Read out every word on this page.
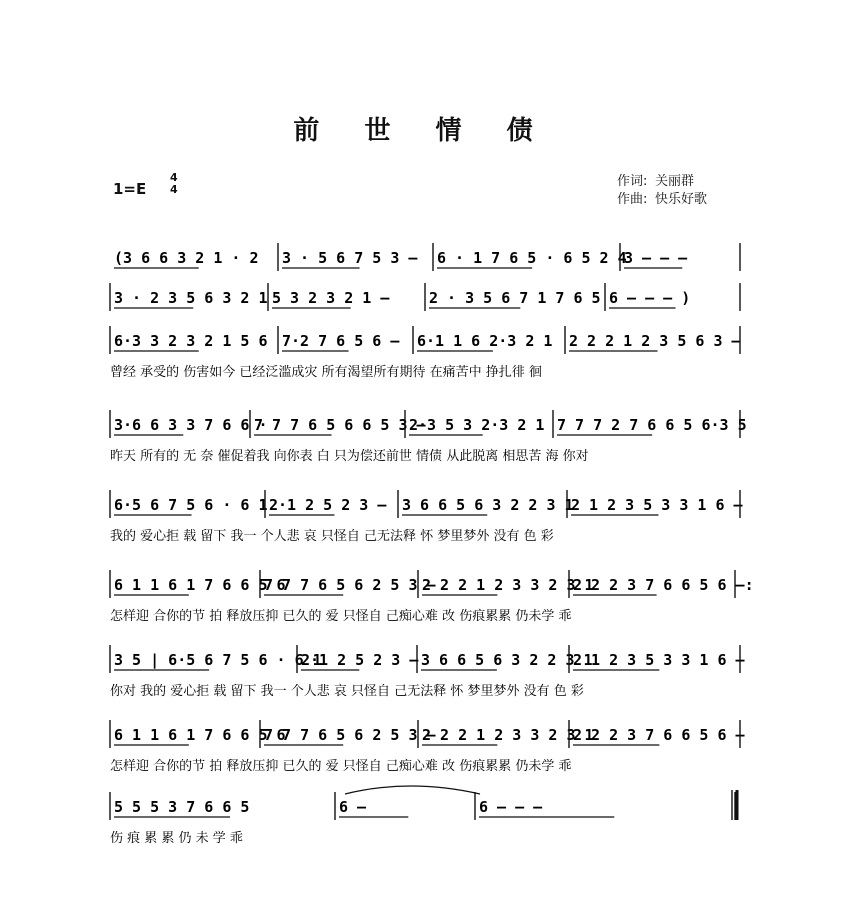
前 世 情 债
1=E
4
4
作词: 关丽群
作曲: 快乐好歌
(3 6 6 3 2 1 · 2 3 · 5 6 7 5 3 – 6 · 1 7 6 5 · 6 5 2 4
3 – – –
3 · 2 3 5 6 3 2 1 5 3 2 3 2 1 –	2 · 3 5 6 7 1 7 6 5 6 – – – )
6·3 3 2 3 2 1 5 6 7·2 7 6 5 6 – 6·1 1 6 2·3 2 1 2 2 2 1 2 3 5 6 3 –
曾经 承受的 伤害如今 已经泛滥成灾 所有渴望所有期待 在痛苦中 挣扎徘 徊
3·6 6 3 3 7 6 6 ·
7 7 7 6 5 6 6 5 3 –
2·3 5 3 2·3 2 1 7 7 7 2 7 6 6 5 6·3 5
昨天 所有的 无 奈 催促着我 向你表 白 只为偿还前世 情债 从此脱离 相思苦 海 你对
6·5 6 7 5 6 · 6 1 2·1 2 5 2 3 – 3 6 6 5 6 3 2 2 3 1
2 1 2 3 5 3 3 1 6 –
我的 爱心拒 载 留下 我一 个人悲 哀 只怪自 己无法释 怀 梦里梦外 没有 色 彩
6 1 1 6 1 7 6 6 5 6
7 7 7 6 5 6 2 5 3 –
2 2 2 1 2 3 3 2 3 1
2 2 2 3 7 6 6 5 6 –:
怎样迎 合你的节 拍 释放压抑 已久的 爱 只怪自 己痴心难 改 伤痕累累 仍未学 乖
3 5 | 6·5 6 7 5 6 · 6 1
2·1 2 5 2 3 – 3 6 6 5 6 3 2 2 3 1
2 1 2 3 5 3 3 1 6 –
你对 我的 爱心拒 载 留下 我一 个人悲 哀 只怪自 己无法释 怀 梦里梦外 没有 色 彩
6 1 1 6 1 7 6 6 5 6
7 7 7 6 5 6 2 5 3 –
2 2 2 1 2 3 3 2 3 1
2 2 2 3 7 6 6 5 6 –
怎样迎 合你的节 拍 释放压抑 已久的 爱 只怪自 己痴心难 改 伤痕累累 仍未学 乖
5 5 5 3 7 6 6 5	6 –	6 – – –
伤 痕 累 累 仍 未 学 乖
